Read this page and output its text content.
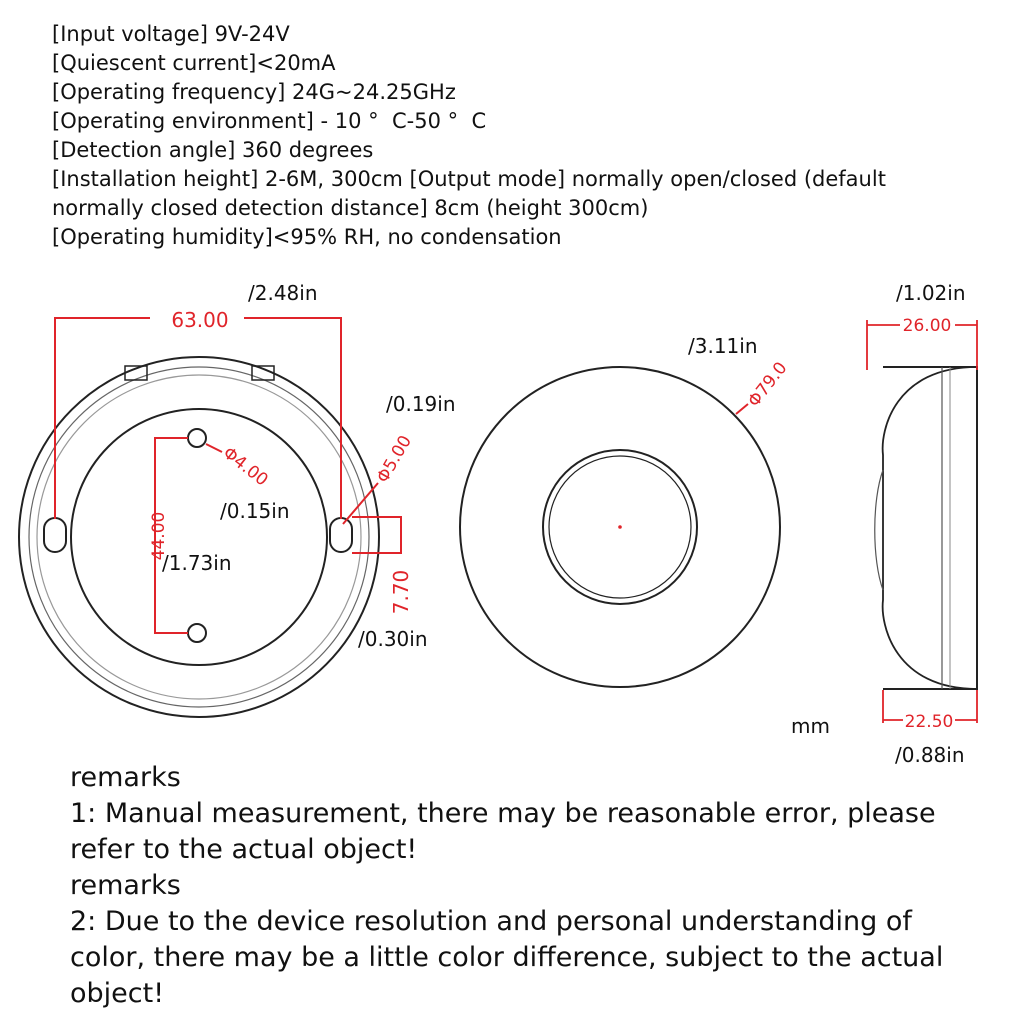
[Input voltage] 9V-24V
[Quiescent current]<20mA
[Operating frequency] 24G~24.25GHz
[Operating environment] - 10 °  C-50 °  C
[Detection angle] 360 degrees
[Installation height] 2-6M, 300cm [Output mode] normally open/closed (default
normally closed detection distance] 8cm (height 300cm)
[Operating humidity]<95% RH, no condensation
63.00
/2.48in
44.00
/1.73in
Φ4.00
/0.15in
Φ5.00
/0.19in
7.70
/0.30in
Φ79.0
/3.11in
26.00
/1.02in
22.50
/0.88in
mm
remarks
1: Manual measurement, there may be reasonable error, please refer to the actual object!
remarks
2: Due to the device resolution and personal understanding of color, there may be a little color difference, subject to the actual object!
